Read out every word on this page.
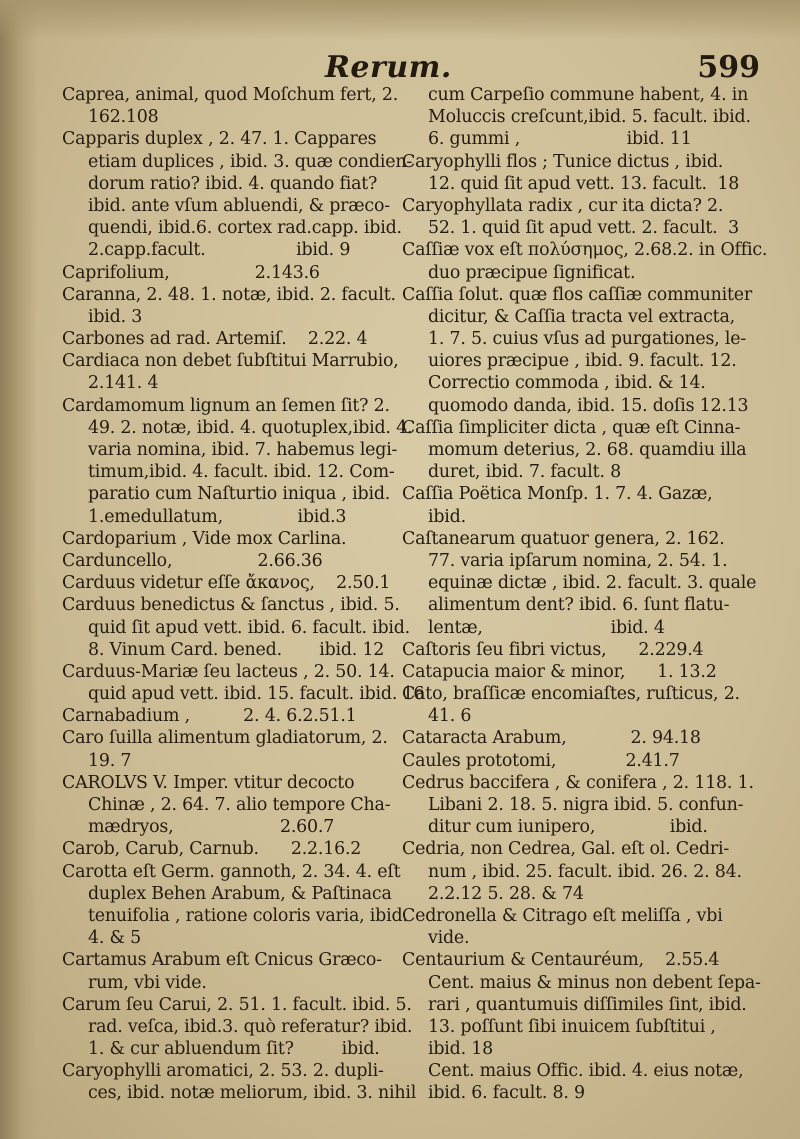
Rerum.	599
Caprea, animal, quod Moſchum fert, 2.
162.108
Capparis duplex , 2. 47. 1. Cappares
etiam duplices , ibid. 3. quæ condien-
dorum ratio? ibid. 4. quando fiat?
ibid. ante vſum abluendi, & præco-
quendi, ibid.6. cortex rad.capp. ibid.
2.capp.facult.                 ibid. 9
Caprifolium,                2.143.6
Caranna, 2. 48. 1. notæ, ibid. 2. facult.
ibid. 3
Carbones ad rad. Artemiſ.    2.22. 4
Cardiaca non debet ſubſtitui Marrubio,
2.141. 4
Cardamomum lignum an ſemen ſit? 2.
49. 2. notæ, ibid. 4. quotuplex,ibid. 4.
varia nomina, ibid. 7. habemus legi-
timum,ibid. 4. facult. ibid. 12. Com-
paratio cum Naſturtio iniqua , ibid.
1.emedullatum,              ibid.3
Cardoparium , Vide mox Carlina.
Carduncello,                2.66.36
Carduus videtur eſſe ἄκανος,    2.50.1
Carduus benedictus & ſanctus , ibid. 5.
quid ſit apud vett. ibid. 6. facult. ibid.
8. Vinum Card. bened.       ibid. 12
Carduus-Mariæ ſeu lacteus , 2. 50. 14.
quid apud vett. ibid. 15. facult. ibid. 16
Carnabadium ,          2. 4. 6.2.51.1
Caro ſuilla alimentum gladiatorum, 2.
19. 7
CAROLVS V. Imper. vtitur decocto
Chinæ , 2. 64. 7. alio tempore Cha-
mædryos,                    2.60.7
Carob, Carub, Carnub.      2.2.16.2
Carotta eſt Germ. gannoth, 2. 34. 4. eſt
duplex Behen Arabum, & Paſtinaca
tenuifolia , ratione coloris varia, ibid.
4. & 5
Cartamus Arabum eſt Cnicus Græco-
rum, vbi vide.
Carum ſeu Carui, 2. 51. 1. facult. ibid. 5.
rad. veſca, ibid.3. quò referatur? ibid.
1. & cur abluendum ſit?         ibid.
Caryophylli aromatici, 2. 53. 2. dupli-
ces, ibid. notæ meliorum, ibid. 3. nihil
cum Carpeſio commune habent, 4. in
Moluccis creſcunt,ibid. 5. facult. ibid.
6. gummi ,                    ibid. 11
Caryophylli flos ; Tunice dictus , ibid.
12. quid ſit apud vett. 13. facult.  18
Caryophyllata radix , cur ita dicta? 2.
52. 1. quid ſit apud vett. 2. facult.  3
Caſſiæ vox eſt πολύσημος, 2.68.2. in Offic.
duo præcipue ſignificat.
Caſſia ſolut. quæ flos caſſiæ communiter
dicitur, & Caſſia tracta vel extracta,
1. 7. 5. cuius vſus ad purgationes, le-
uiores præcipue , ibid. 9. facult. 12.
Correctio commoda , ibid. & 14.
quomodo danda, ibid. 15. doſis 12.13
Caſſia ſimpliciter dicta , quæ eſt Cinna-
momum deterius, 2. 68. quamdiu illa
duret, ibid. 7. facult. 8
Caſſia Poëtica Monſp. 1. 7. 4. Gazæ,
ibid.
Caſtanearum quatuor genera, 2. 162.
77. varia ipſarum nomina, 2. 54. 1.
equinæ dictæ , ibid. 2. facult. 3. quale
alimentum dent? ibid. 6. ſunt flatu-
lentæ,                        ibid. 4
Caſtoris ſeu fibri victus,      2.229.4
Catapucia maior & minor,      1. 13.2
Cato, braſſicæ encomiaſtes, ruſticus, 2.
41. 6
Cataracta Arabum,            2. 94.18
Caules prototomi,             2.41.7
Cedrus baccifera , & conifera , 2. 118. 1.
Libani 2. 18. 5. nigra ibid. 5. confun-
ditur cum iunipero,              ibid.
Cedria, non Cedrea, Gal. eſt ol. Cedri-
num , ibid. 25. facult. ibid. 26. 2. 84.
2.2.12 5. 28. & 74
Cedronella & Citrago eſt meliſſa , vbi
vide.
Centaurium & Centauréum,    2.55.4
Cent. maius & minus non debent ſepa-
rari , quantumuis diſſimiles ſint, ibid.
13. poſſunt ſibi inuicem ſubſtitui ,
ibid. 18
Cent. maius Offic. ibid. 4. eius notæ,
ibid. 6. facult. 8. 9
